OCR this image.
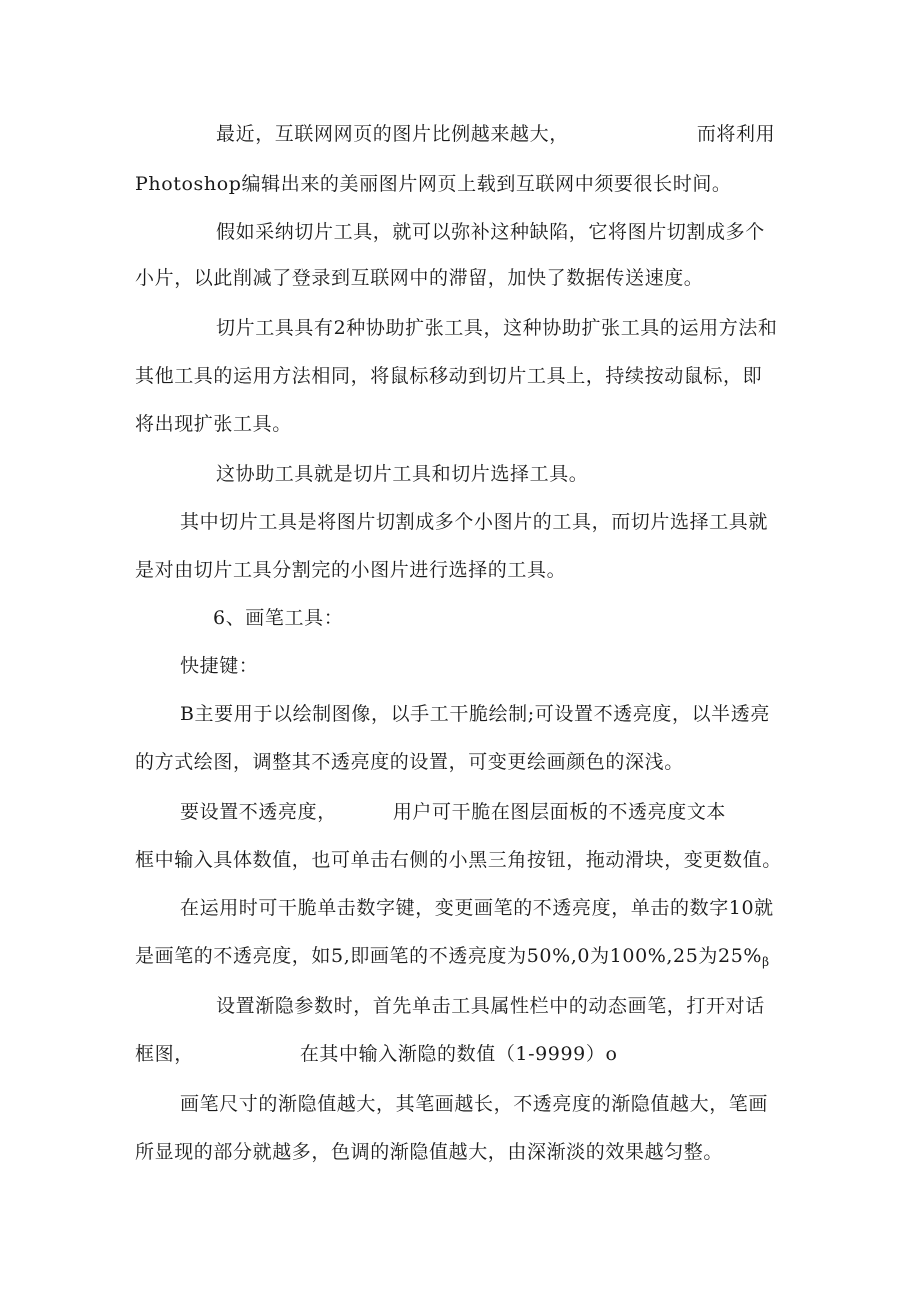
最近，互联网网页的图片比例越来越大，	而将利用
Photoshop编辑出来的美丽图片网页上载到互联网中须要很长时间。
假如采纳切片工具，就可以弥补这种缺陷，它将图片切割成多个
小片，以此削减了登录到互联网中的滞留，加快了数据传送速度。
切片工具具有2种协助扩张工具，这种协助扩张工具的运用方法和
其他工具的运用方法相同，将鼠标移动到切片工具上，持续按动鼠标，即
将出现扩张工具。
这协助工具就是切片工具和切片选择工具。
其中切片工具是将图片切割成多个小图片的工具，而切片选择工具就
是对由切片工具分割完的小图片进行选择的工具。
6、画笔工具：
快捷键：
B主要用于以绘制图像，以手工干脆绘制;可设置不透亮度，以半透亮
的方式绘图，调整其不透亮度的设置，可变更绘画颜色的深浅。
要设置不透亮度，	用户可干脆在图层面板的不透亮度文本
框中输入具体数值，也可单击右侧的小黑三角按钮，拖动滑块，变更数值。
在运用时可干脆单击数字键，变更画笔的不透亮度，单击的数字10就
是画笔的不透亮度，如5,即画笔的不透亮度为50%,0为100%,25为$25\%_\beta$
设置渐隐参数时，首先单击工具属性栏中的动态画笔，打开对话
框图，	在其中输入渐隐的数值（1-9999）o
画笔尺寸的渐隐值越大，其笔画越长，不透亮度的渐隐值越大，笔画
所显现的部分就越多，色调的渐隐值越大，由深渐淡的效果越匀整。
